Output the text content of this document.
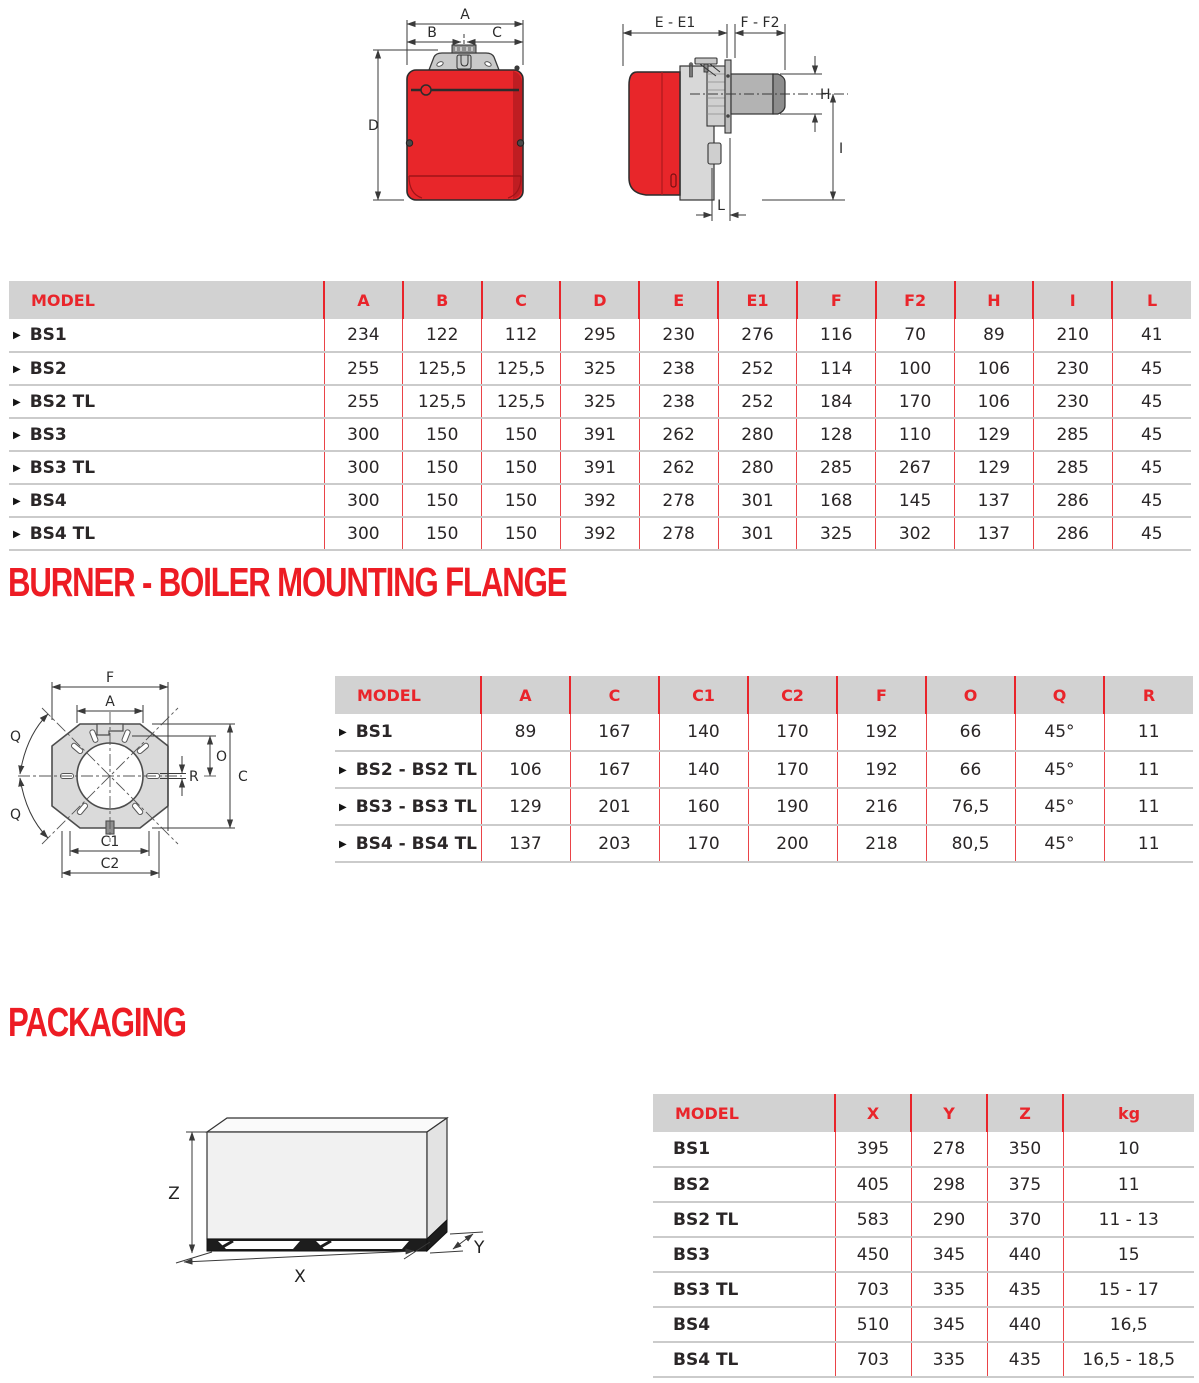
A
B	C
D
E - E1	F - F2
H
I
L
MODEL	A	B	C	D	E	E1	F	F2	H	I	L
▶ BS1	234	122	112	295	230	276	116	70	89	210	41
▶ BS2	255	125,5	125,5	325	238	252	114	100	106	230	45
▶ BS2 TL	255	125,5	125,5	325	238	252	184	170	106	230	45
▶ BS3	300	150	150	391	262	280	128	110	129	285	45
▶ BS3 TL	300	150	150	391	262	280	285	267	129	285	45
▶ BS4	300	150	150	392	278	301	168	145	137	286	45
▶ BS4 TL	300	150	150	392	278	301	325	302	137	286	45
BURNER - BOILER MOUNTING FLANGE
F
A
Q
Q
O
R	C
C1
C2
MODEL	A	C	C1	C2	F	O	Q	R
▶ BS1	89	167	140	170	192	66	45°	11
▶ BS2 - BS2 TL	106	167	140	170	192	66	45°	11
▶ BS3 - BS3 TL	129	201	160	190	216	76,5	45°	11
▶ BS4 - BS4 TL	137	203	170	200	218	80,5	45°	11
PACKAGING
Z
X
Y
MODEL	X	Y	Z	kg
BS1	395	278	350	10
BS2	405	298	375	11
BS2 TL	583	290	370	11 - 13
BS3	450	345	440	15
BS3 TL	703	335	435	15 - 17
BS4	510	345	440	16,5
BS4 TL	703	335	435	16,5 - 18,5
